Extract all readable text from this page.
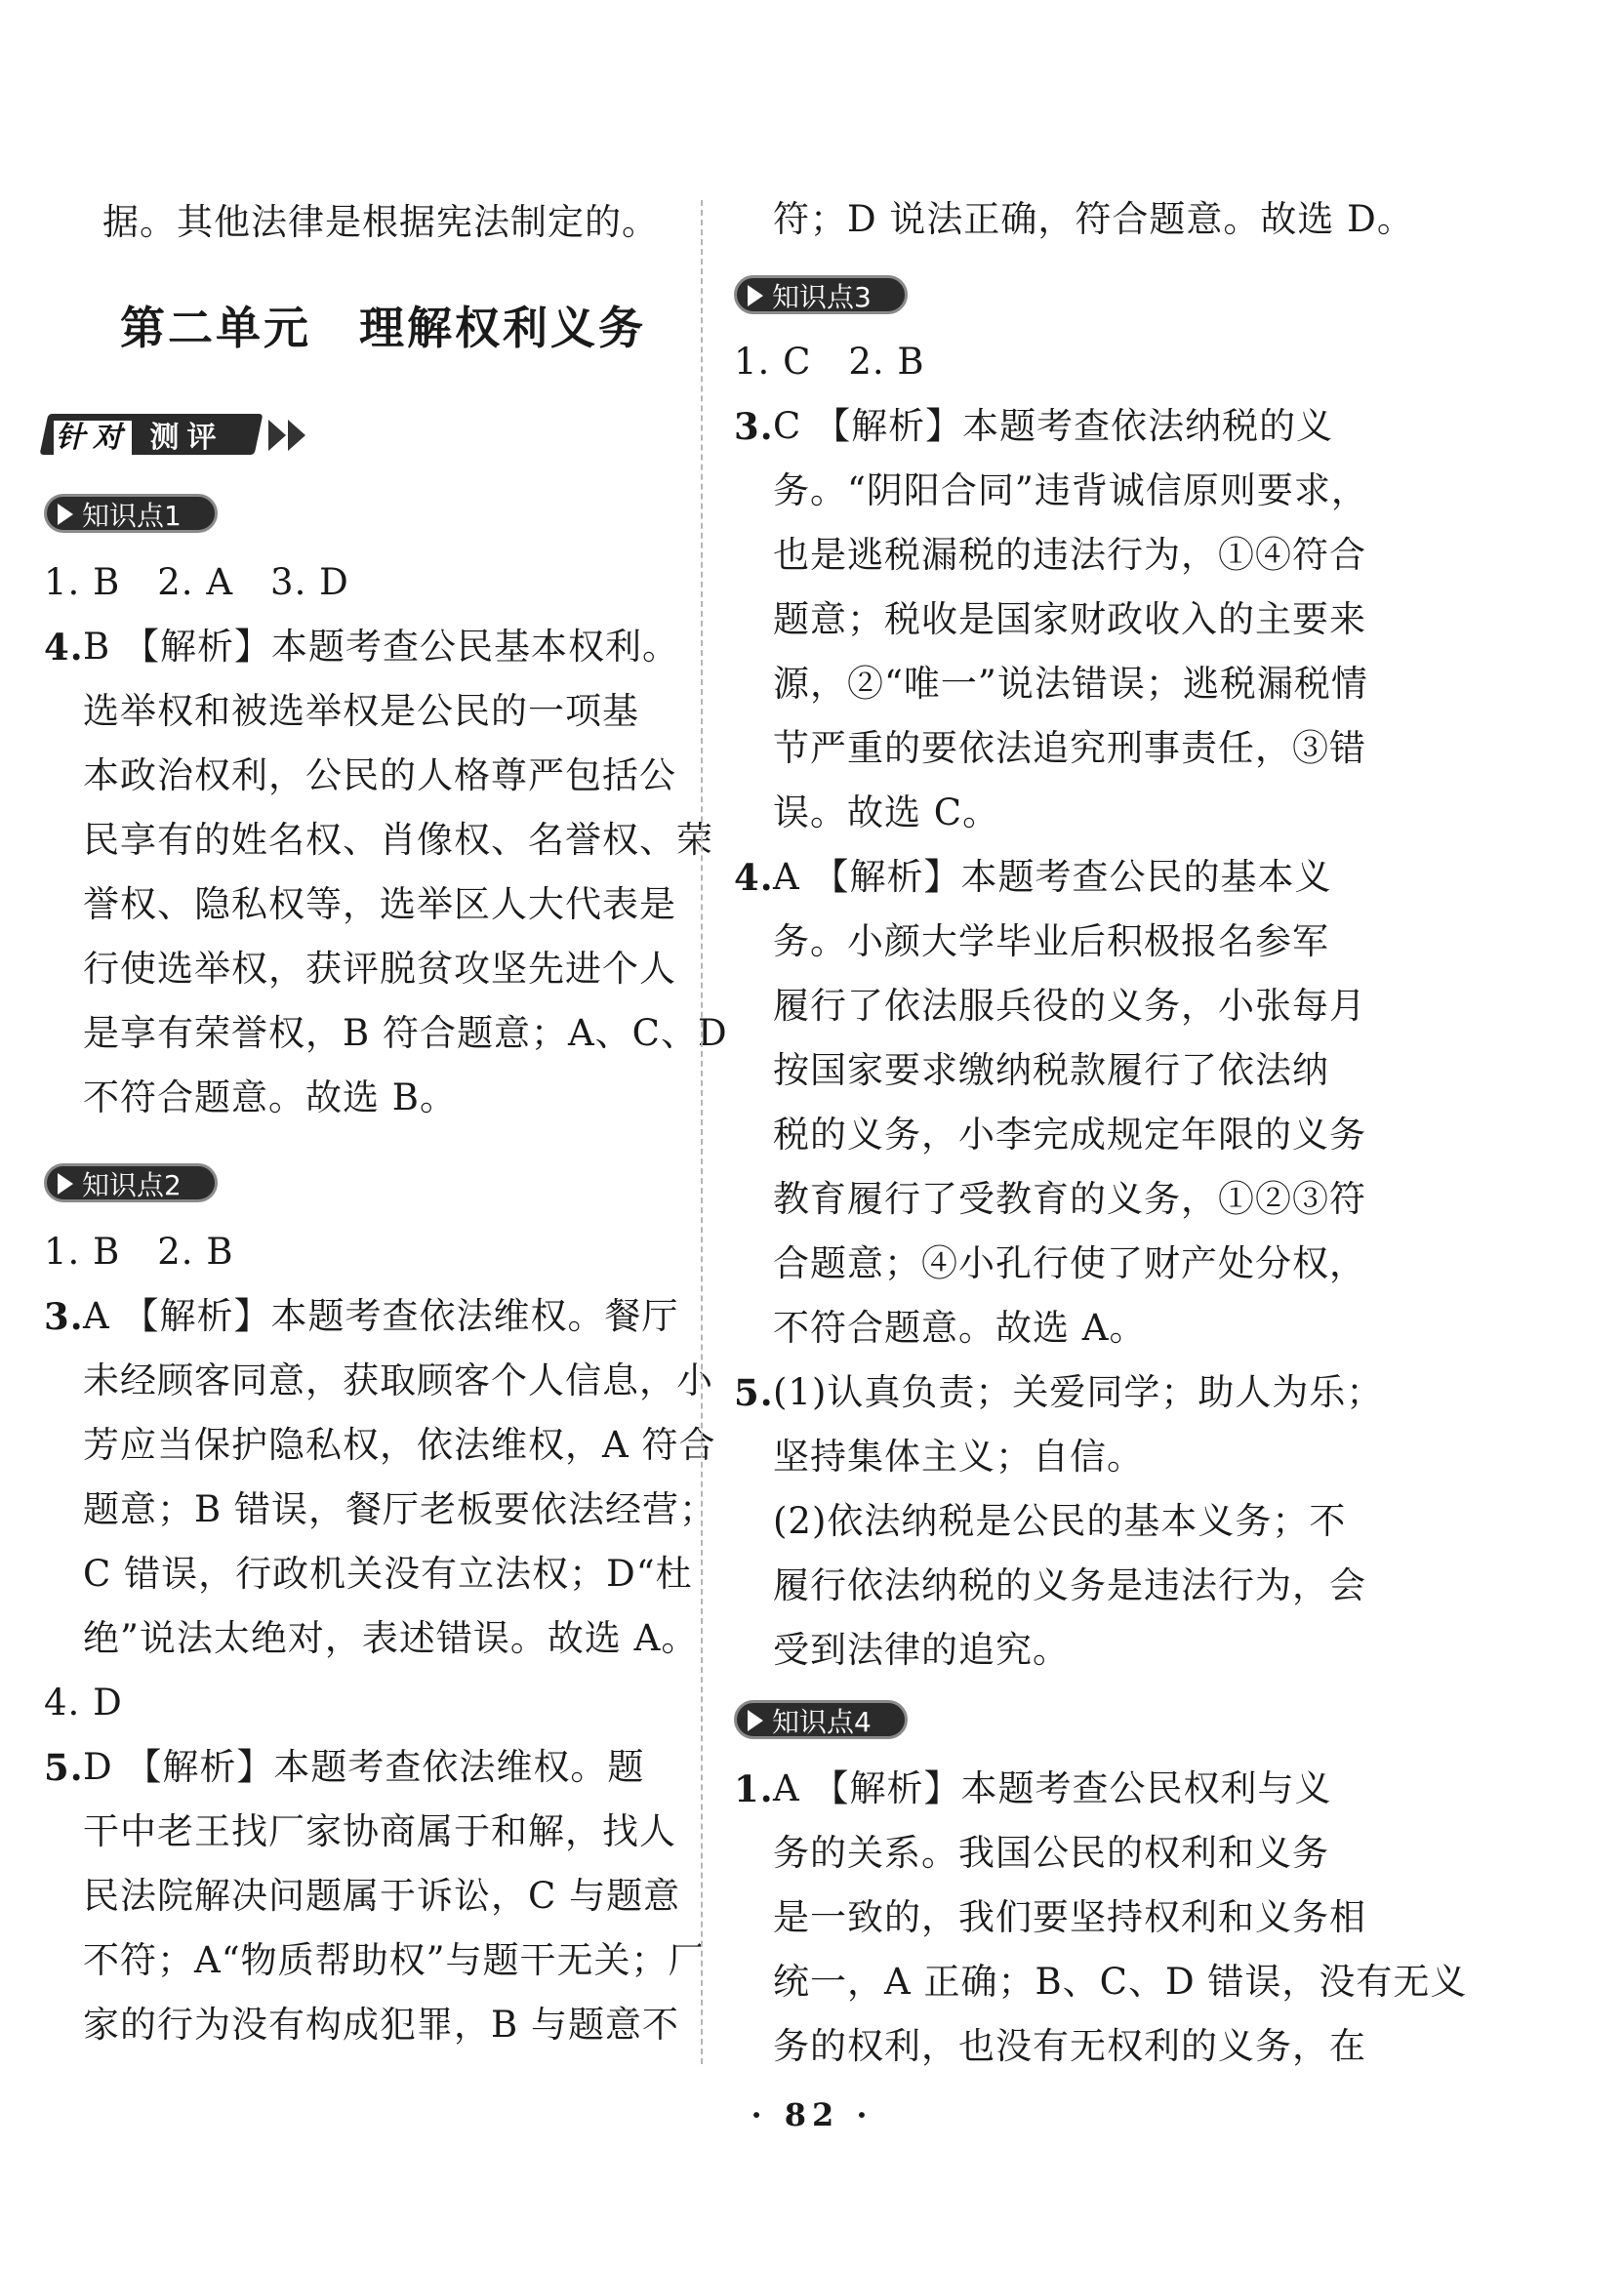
据。其他法律是根据宪法制定的。
第二单元　理解权利义务
针对 测评
知识点1
1. B　2. A　3. D
4. B 【解析】本题考查公民基本权利。
选举权和被选举权是公民的一项基
本政治权利，公民的人格尊严包括公
民享有的姓名权、肖像权、名誉权、荣
誉权、隐私权等，选举区人大代表是
行使选举权，获评脱贫攻坚先进个人
是享有荣誉权，B 符合题意；A、C、D
不符合题意。故选 B。
知识点2
1. B　2. B
3. A 【解析】本题考查依法维权。餐厅
未经顾客同意，获取顾客个人信息，小
芳应当保护隐私权，依法维权，A 符合
题意；B 错误，餐厅老板要依法经营；
C 错误，行政机关没有立法权；D“杜
绝”说法太绝对，表述错误。故选 A。
4. D
5. D 【解析】本题考查依法维权。题
干中老王找厂家协商属于和解，找人
民法院解决问题属于诉讼，C 与题意
不符；A“物质帮助权”与题干无关；厂
家的行为没有构成犯罪，B 与题意不
符；D 说法正确，符合题意。故选 D。
知识点3
1. C　2. B
3. C 【解析】本题考查依法纳税的义
务。“阴阳合同”违背诚信原则要求，
也是逃税漏税的违法行为，①④符合
题意；税收是国家财政收入的主要来
源，②“唯一”说法错误；逃税漏税情
节严重的要依法追究刑事责任，③错
误。故选 C。
4. A 【解析】本题考查公民的基本义
务。小颜大学毕业后积极报名参军
履行了依法服兵役的义务，小张每月
按国家要求缴纳税款履行了依法纳
税的义务，小李完成规定年限的义务
教育履行了受教育的义务，①②③符
合题意；④小孔行使了财产处分权，
不符合题意。故选 A。
5. (1)认真负责；关爱同学；助人为乐；
坚持集体主义；自信。
(2)依法纳税是公民的基本义务；不
履行依法纳税的义务是违法行为，会
受到法律的追究。
知识点4
1. A 【解析】本题考查公民权利与义
务的关系。我国公民的权利和义务
是一致的，我们要坚持权利和义务相
统一，A 正确；B、C、D 错误，没有无义
务的权利，也没有无权利的义务，在
· 82 ·
